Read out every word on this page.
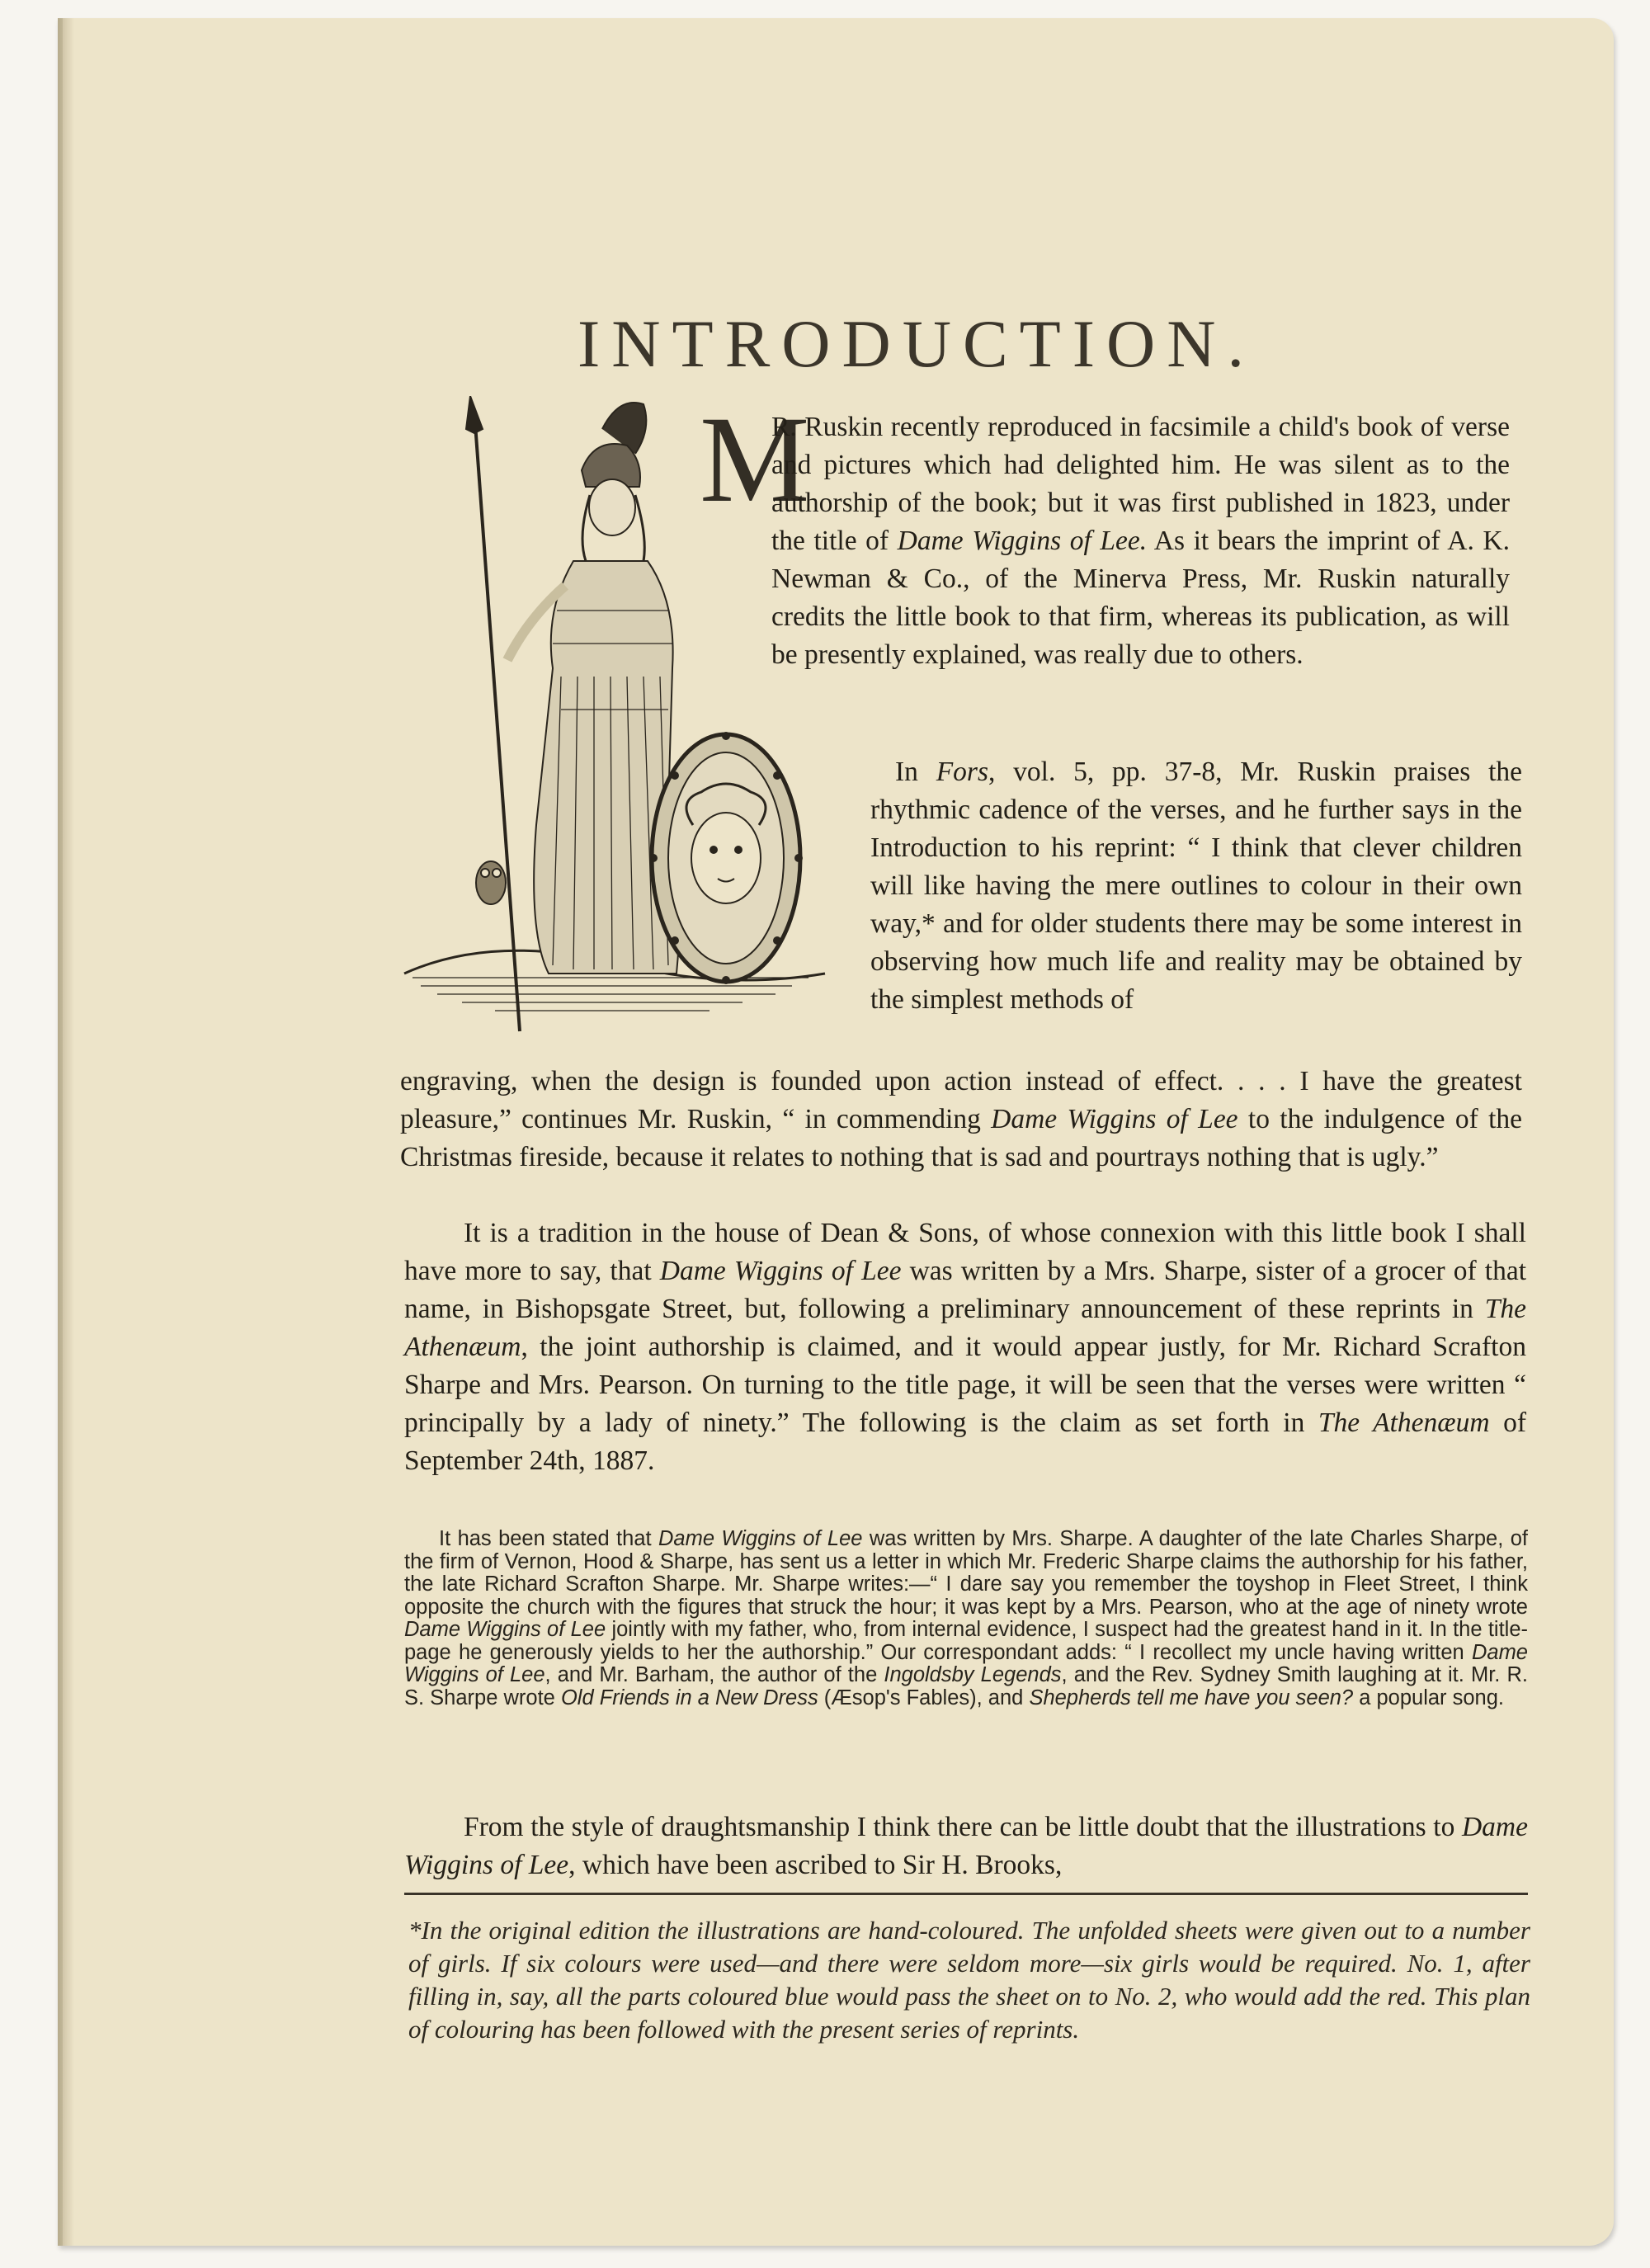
INTRODUCTION.
M

R. Ruskin recently reproduced in facsimile a child's book of verse and pictures which had delighted him. He was silent as to the authorship of the book; but it was first published in 1823, under the title of Dame Wiggins of Lee. As it bears the imprint of A. K. Newman & Co., of the Minerva Press, Mr. Ruskin naturally credits the little book to that firm, whereas its publication, as will be presently explained, was really due to others.

In Fors, vol. 5, pp. 37-8, Mr. Ruskin praises the rhythmic cadence of the verses, and he further says in the Introduction to his reprint: “ I think that clever children will like having the mere outlines to colour in their own way,* and for older students there may be some interest in observing how much life and reality may be obtained by the simplest methods of

engraving, when the design is founded upon action instead of effect. . . . I have the greatest pleasure,” continues Mr. Ruskin, “ in commending Dame Wiggins of Lee to the indulgence of the Christmas fireside, because it relates to nothing that is sad and pourtrays nothing that is ugly.”

It is a tradition in the house of Dean & Sons, of whose connexion with this little book I shall have more to say, that Dame Wiggins of Lee was written by a Mrs. Sharpe, sister of a grocer of that name, in Bishopsgate Street, but, following a preliminary announcement of these reprints in The Athenæum, the joint authorship is claimed, and it would appear justly, for Mr. Richard Scrafton Sharpe and Mrs. Pearson. On turning to the title page, it will be seen that the verses were written “ principally by a lady of ninety.” The following is the claim as set forth in The Athenæum of September 24th, 1887.

It has been stated that Dame Wiggins of Lee was written by Mrs. Sharpe. A daughter of the late Charles Sharpe, of the firm of Vernon, Hood & Sharpe, has sent us a letter in which Mr. Frederic Sharpe claims the authorship for his father, the late Richard Scrafton Sharpe. Mr. Sharpe writes:—“ I dare say you remember the toyshop in Fleet Street, I think opposite the church with the figures that struck the hour; it was kept by a Mrs. Pearson, who at the age of ninety wrote Dame Wiggins of Lee jointly with my father, who, from internal evidence, I suspect had the greatest hand in it. In the title-page he generously yields to her the authorship.” Our correspondant adds: “ I recollect my uncle having written Dame Wiggins of Lee, and Mr. Barham, the author of the Ingoldsby Legends, and the Rev. Sydney Smith laughing at it. Mr. R. S. Sharpe wrote Old Friends in a New Dress (Æsop's Fables), and Shepherds tell me have you seen? a popular song.

From the style of draughtsmanship I think there can be little doubt that the illustrations to Dame Wiggins of Lee, which have been ascribed to Sir H. Brooks,

*In the original edition the illustrations are hand-coloured. The unfolded sheets were given out to a number of girls. If six colours were used—and there were seldom more—six girls would be required. No. 1, after filling in, say, all the parts coloured blue would pass the sheet on to No. 2, who would add the red. This plan of colouring has been followed with the present series of reprints.
